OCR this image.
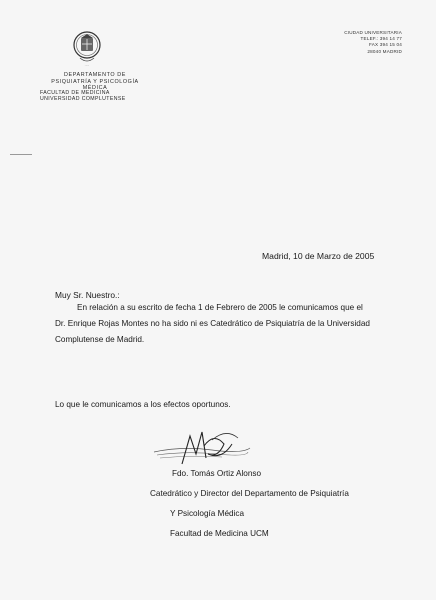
·····
DEPARTAMENTO DE
PSIQUIATRÍA Y PSICOLOGÍA MÉDICA
FACULTAD DE MEDICINA
UNIVERSIDAD COMPLUTENSE
CIUDAD UNIVERSITARIA
TELEF.: 394 14 77
FAX 394 15 04
28040 MADRID
Madrid, 10 de Marzo de 2005
Muy Sr. Nuestro.:
En relación a su escrito de fecha 1 de Febrero de 2005 le comunicamos que el Dr. Enrique Rojas Montes no ha sido ni es Catedrático de Psiquiatría de la Universidad Complutense de Madrid.
Lo que le comunicamos a los efectos oportunos.
Fdo. Tomás Ortiz Alonso
Catedrático y Director del Departamento de Psiquiatría
Y Psicología Médica
Facultad de Medicina UCM
